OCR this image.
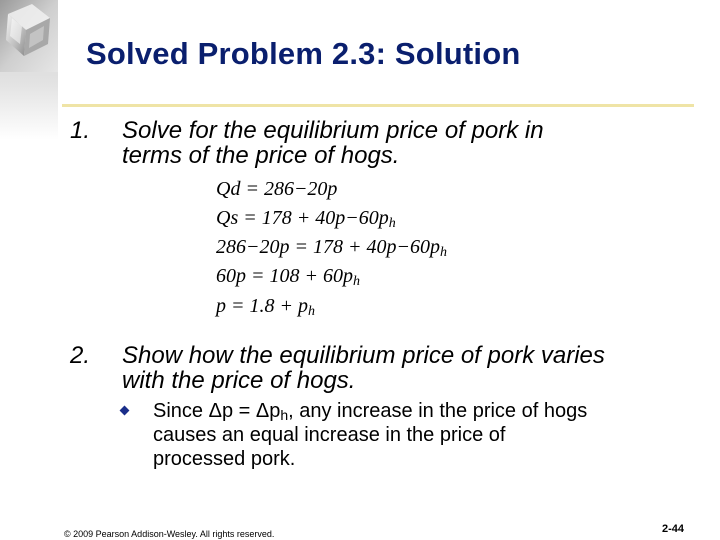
Solved Problem 2.3: Solution
1. Solve for the equilibrium price of pork in
terms of the price of hogs.
Qd = 286−20p
$Qs = 178 + 40p-60p_h$
$286-20p = 178 + 40p-60p_h$
$60p = 108 + 60p_h$
$p = 1.8 + p_h$
2. Show how the equilibrium price of pork varies
with the price of hogs.
Since $\Delta p = \Delta p_h$, any increase in the price of hogs
causes an equal increase in the price of
processed pork.
© 2009 Pearson Addison-Wesley. All rights reserved.	2-44
